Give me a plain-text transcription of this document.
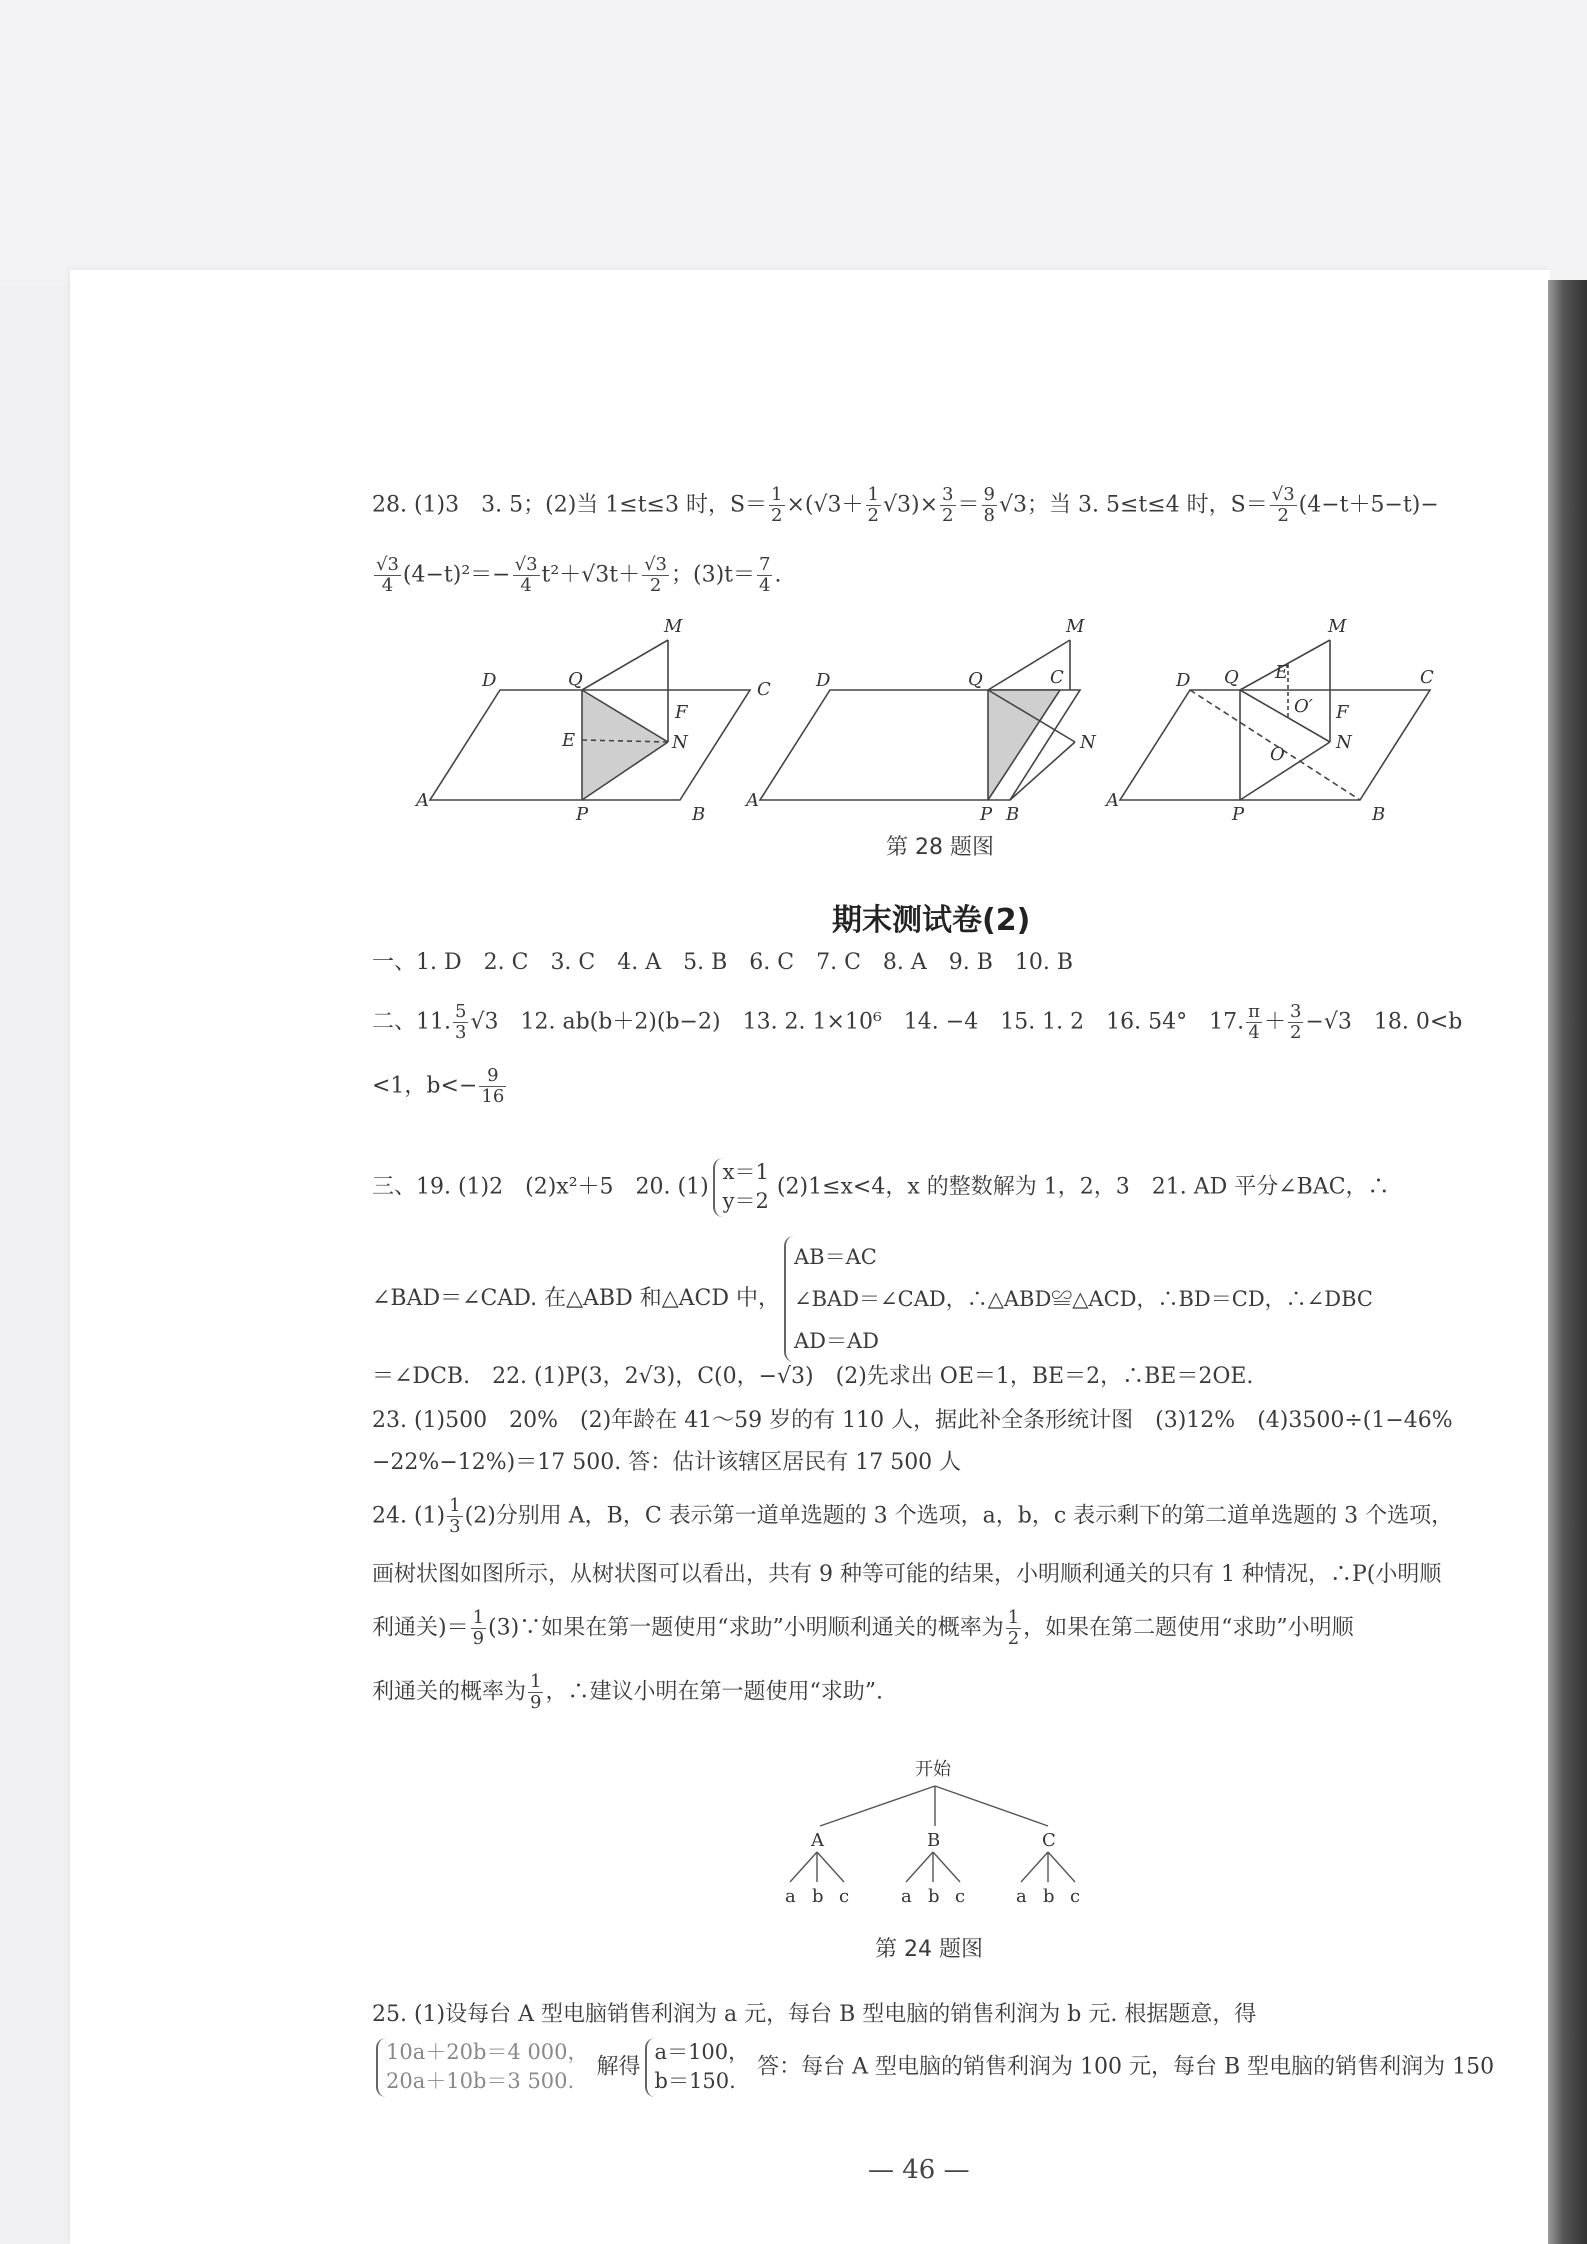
28. (1)3　3. 5；(2)当 1≤t≤3 时，$S= \frac{1}{2} \times(√3+ \frac{1}{2} √3)\times \frac{3}{2} = \frac{9}{8} √3$；当 3. 5≤t≤4 时，$S= \frac{√3}{2} (4-t+5-t)-$
$\frac{√3}{4} (4-t)^2=- \frac{√3}{4} t^2+√3t+ \frac{√3}{2}$ ；$(3)t= \frac{7}{4}$ .
D	Q
M
C
F
E	N
A
P	B
D	Q
M
C
N
A
P B
D Q
M
C
E
O′ F
N
O
A
P	B
第 28 题图
期末测试卷(2)
一、1. D　2. C　3. C　4. A　5. B　6. C　7. C　8. A　9. B　10. B
二、11. $\frac{5}{3} √3$　12. ab(b＋2)(b−2)　13. 2. 1×10⁶　14. −4　15. 1. 2　16. 54°　17. $\frac{\pi}{4} + \frac{3}{2} -√3$　18. 0<b
<1，$b<- \frac{9}{16}$
三、19. (1)2　(2)x²＋5　20. (1)
x＝1
y＝2
(2)1≤x<4，x 的整数解为 1，2，3　21. AD 平分∠BAC，∴
∠BAD＝∠CAD. 在△ABD 和△ACD 中，
AB＝AC
∠BAD＝∠CAD，∴△ABD≌△ACD，∴BD＝CD，∴∠DBC
AD＝AD
＝∠DCB.　22. (1)P(3，2√3)，C(0，−√3)　(2)先求出 OE＝1，BE＝2，∴BE＝2OE.
23. (1)500　20%　(2)年龄在 41～59 岁的有 110 人，据此补全条形统计图　(3)12%　(4)3500÷(1−46%
−22%−12%)＝17 500. 答：估计该辖区居民有 17 500 人
24. $(1) \frac{1}{3} (2)$分别用 A，B，C 表示第一道单选题的 3 个选项，a，b，c 表示剩下的第二道单选题的 3 个选项，
画树状图如图所示，从树状图可以看出，共有 9 种等可能的结果，小明顺利通关的只有 1 种情况，∴P(小明顺
利通关)＝ $\frac{1}{9}$ (3)∵如果在第一题使用“求助”小明顺利通关的概率为 $\frac{1}{2}$ ，如果在第二题使用“求助”小明顺
利通关的概率为 $\frac{1}{9}$ ，∴建议小明在第一题使用“求助”.
开始
A	B	C
a b c	a b c	a b c
第 24 题图
25. (1)设每台 A 型电脑销售利润为 a 元，每台 B 型电脑的销售利润为 b 元. 根据题意，得
10a＋20b＝4 000，
20a＋10b＝3 500.
解得
a＝100，
b＝150.
答：每台 A 型电脑的销售利润为 100 元，每台 B 型电脑的销售利润为 150
— 46 —
